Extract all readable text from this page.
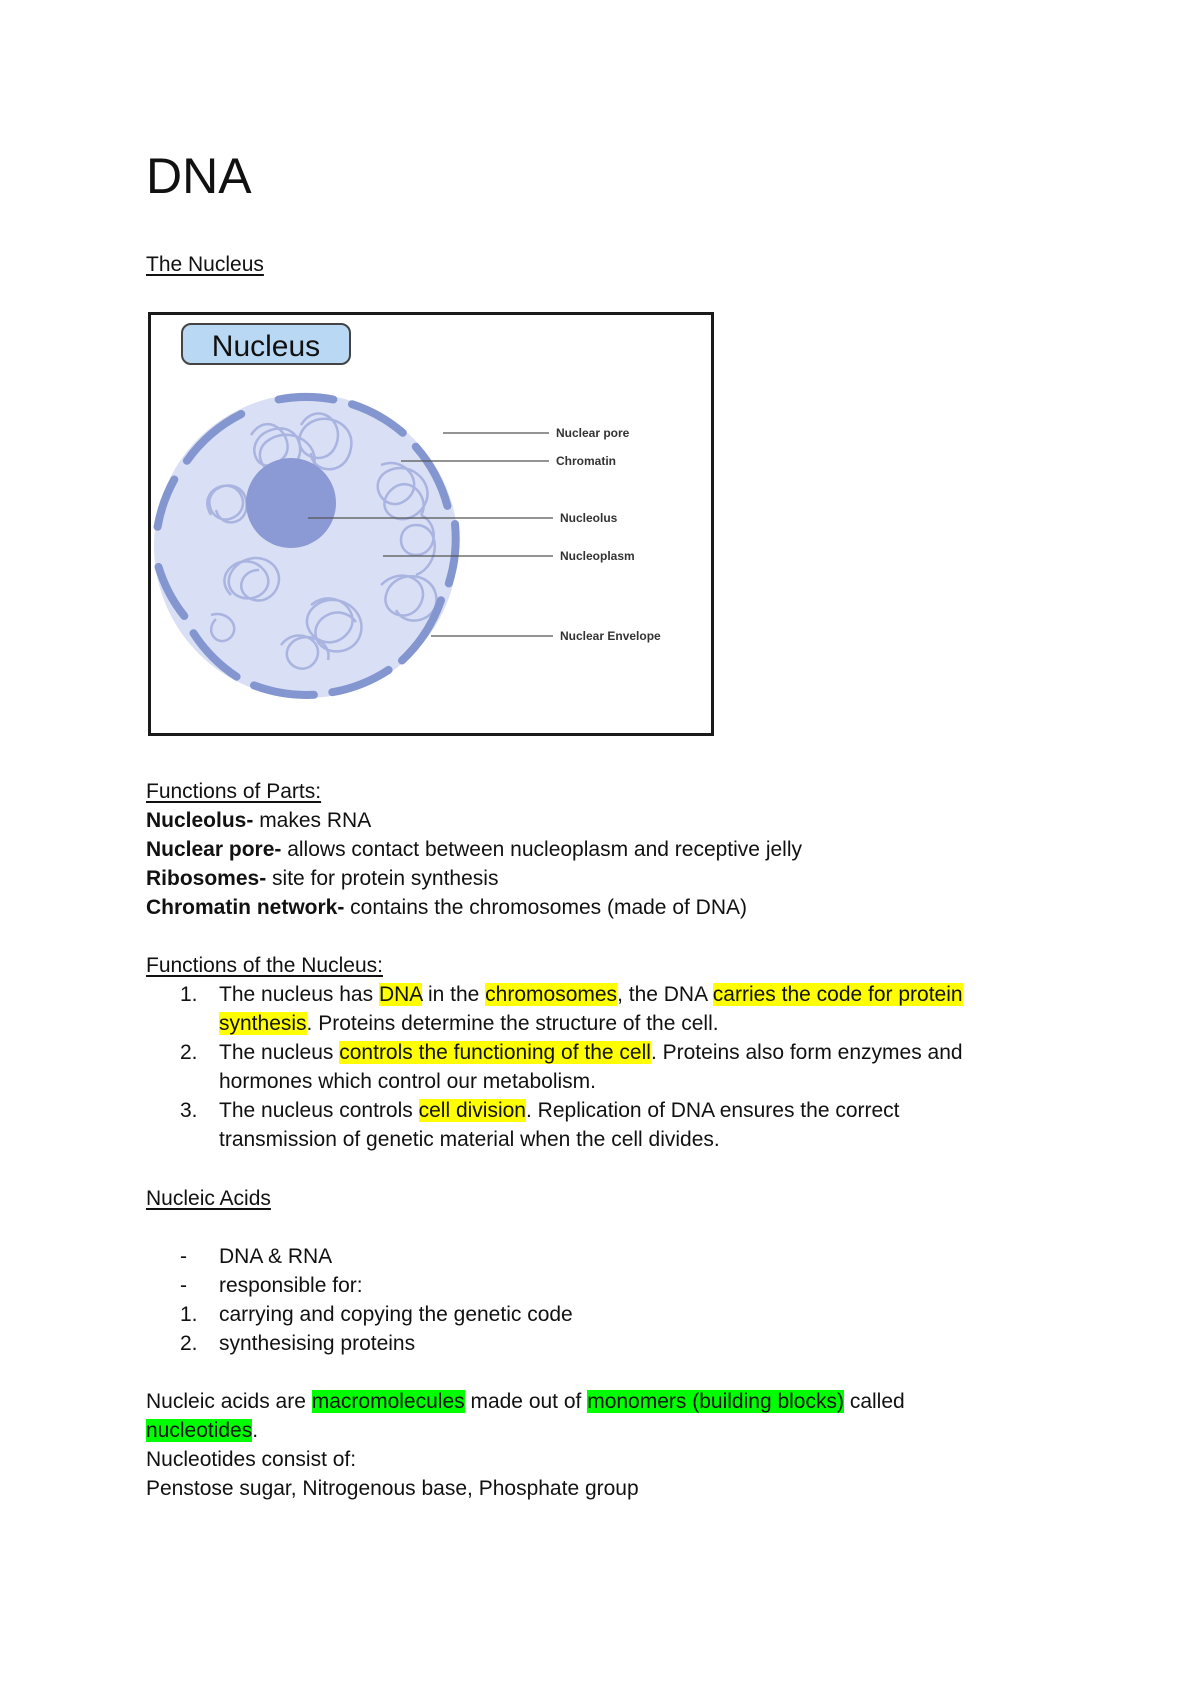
DNA
The Nucleus
Nucleus
Nuclear pore
Chromatin
Nucleolus
Nucleoplasm
Nuclear Envelope
Functions of Parts:
Nucleolus- makes RNA
Nuclear pore- allows contact between nucleoplasm and receptive jelly
Ribosomes- site for protein synthesis
Chromatin network- contains the chromosomes (made of DNA)
Functions of the Nucleus:
1. The nucleus has DNA in the chromosomes, the DNA carries the code for protein
synthesis. Proteins determine the structure of the cell.
2. The nucleus controls the functioning of the cell. Proteins also form enzymes and
hormones which control our metabolism.
3. The nucleus controls cell division. Replication of DNA ensures the correct
transmission of genetic material when the cell divides.
Nucleic Acids
- DNA & RNA
- responsible for:
1. carrying and copying the genetic code
2. synthesising proteins
Nucleic acids are macromolecules made out of monomers (building blocks) called
nucleotides.
Nucleotides consist of:
Penstose sugar, Nitrogenous base, Phosphate group
